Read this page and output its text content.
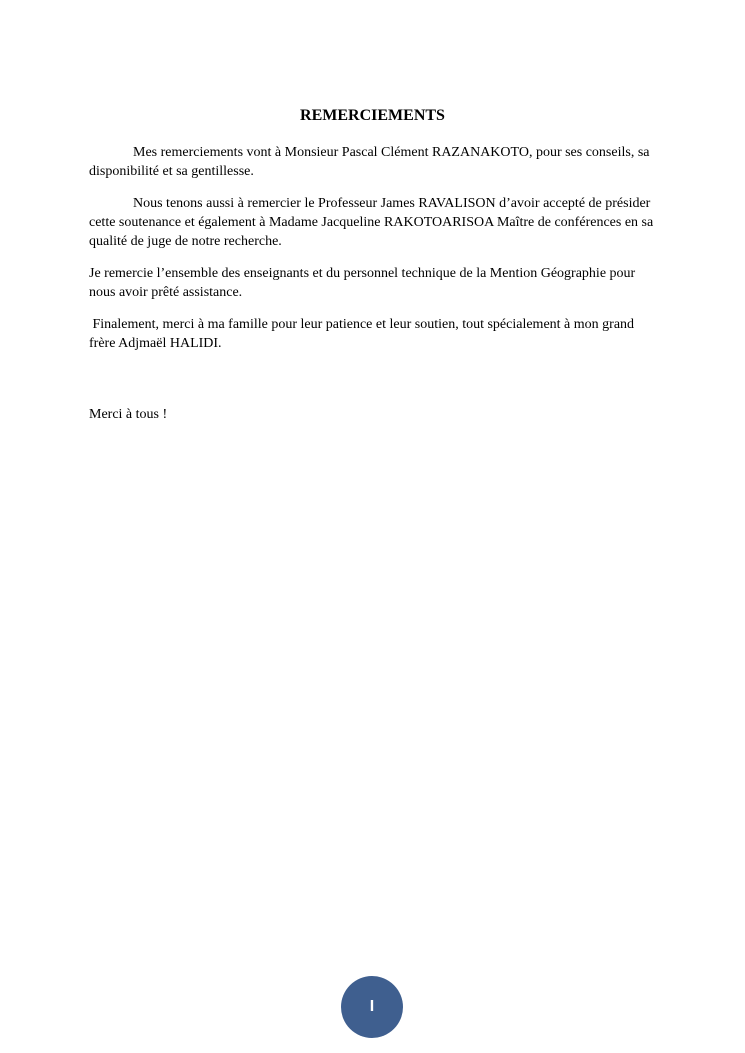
REMERCIEMENTS

Mes remerciements vont à Monsieur Pascal Clément RAZANAKOTO, pour ses conseils, sa disponibilité et sa gentillesse.

Nous tenons aussi à remercier le Professeur James RAVALISON d’avoir accepté de présider cette soutenance et également à Madame Jacqueline RAKOTOARISOA Maître de conférences en sa qualité de juge de notre recherche.

Je remercie l’ensemble des enseignants et du personnel technique de la Mention Géographie pour nous avoir prêté assistance.

Finalement, merci à ma famille pour leur patience et leur soutien, tout spécialement à mon grand frère Adjmaël HALIDI.

Merci à tous !

I
